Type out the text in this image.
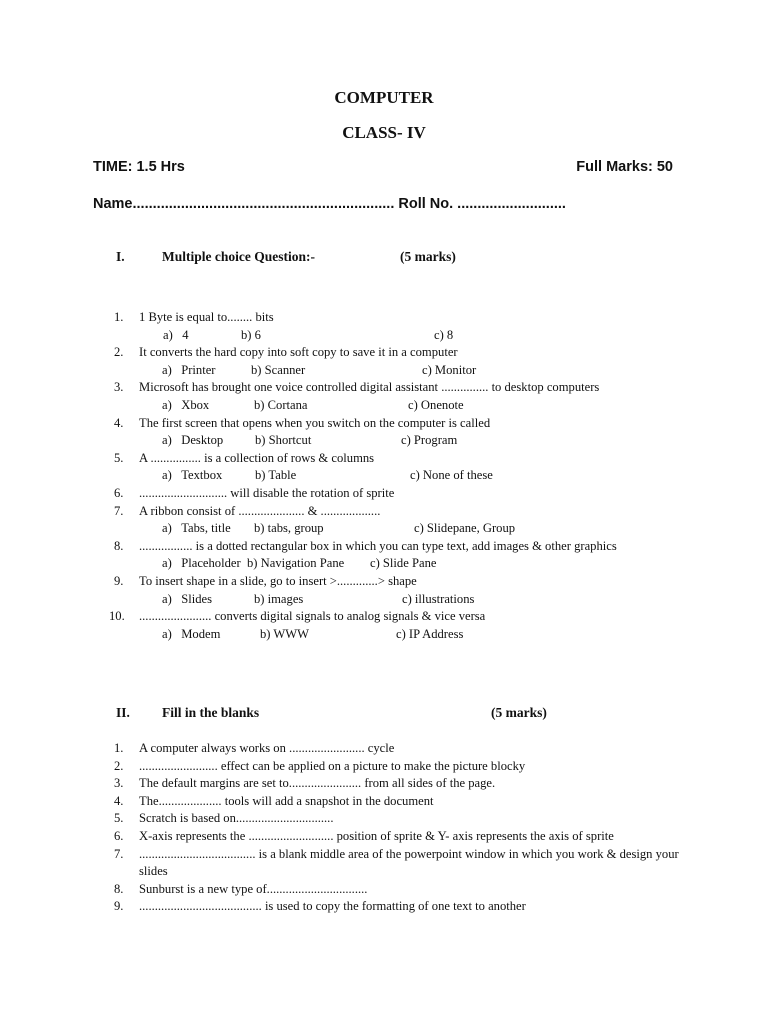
COMPUTER
CLASS- IV
TIME: 1.5 Hrs	Full Marks: 50
Name................................................................. Roll No. ...........................
I.	Multiple choice Question:-	(5 marks)
1. 1 Byte is equal to........ bits
a)   4	b) 6	c) 8
2. It converts the hard copy into soft copy to save it in a computer
a)   Printer	b) Scanner	c) Monitor
3. Microsoft has brought one voice controlled digital assistant ............... to desktop computers
a)   Xbox	b) Cortana	c) Onenote
4. The first screen that opens when you switch on the computer is called
a)   Desktop	b) Shortcut	c) Program
5. A ................ is a collection of rows & columns
a)   Textbox	b) Table	c) None of these
6. ............................ will disable the rotation of sprite
7. A ribbon consist of ..................... & ...................
a)   Tabs, title b) tabs, group	c) Slidepane, Group
8. ................. is a dotted rectangular box in which you can type text, add images & other graphics
a)   Placeholder b) Navigation Pane c) Slide Pane
9. To insert shape in a slide, go to insert >.............> shape
a)   Slides	b) images	c) illustrations
10. ....................... converts digital signals to analog signals & vice versa
a)   Modem	b) WWW	c) IP Address
II. Fill in the blanks	(5 marks)
1. A computer always works on ........................ cycle
2. ......................... effect can be applied on a picture to make the picture blocky
3. The default margins are set to....................... from all sides of the page.
4. The.................... tools will add a snapshot in the document
5. Scratch is based on...............................
6. X-axis represents the ........................... position of sprite & Y- axis represents the axis of sprite
7. ..................................... is a blank middle area of the powerpoint window in which you work & design your slides
8. Sunburst is a new type of................................
9. ....................................... is used to copy the formatting of one text to another
